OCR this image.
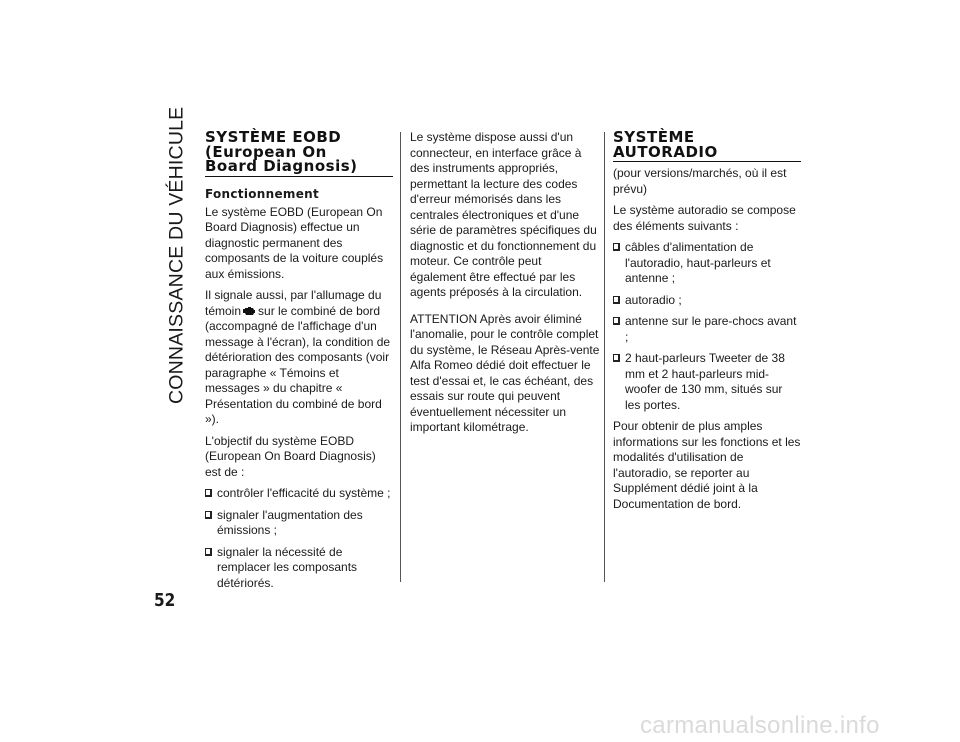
CONNAISSANCE DU VÉHICULE
52
SYSTÈME EOBD
(European On
Board Diagnosis)
Fonctionnement

Le système EOBD (European On Board Diagnosis) effectue un diagnostic permanent des composants de la voiture couplés aux émissions.

Il signale aussi, par l'allumage du témoin sur le combiné de bord (accompagné de l'affichage d'un message à l'écran), la condition de détérioration des composants (voir paragraphe « Témoins et messages » du chapitre « Présentation du combiné de bord »).

L'objectif du système EOBD (European On Board Diagnosis) est de :

contrôler l'efficacité du système ;
signaler l'augmentation des émissions ;
signaler la nécessité de remplacer les composants détériorés.

Le système dispose aussi d'un connecteur, en interface grâce à des instruments appropriés, permettant la lecture des codes d'erreur mémorisés dans les centrales électroniques et d'une série de paramètres spécifiques du diagnostic et du fonctionnement du moteur. Ce contrôle peut également être effectué par les agents préposés à la circulation.

ATTENTION Après avoir éliminé l'anomalie, pour le contrôle complet du système, le Réseau Après-vente Alfa Romeo dédié doit effectuer le test d'essai et, le cas échéant, des essais sur route qui peuvent éventuellement nécessiter un important kilométrage.

SYSTÈME
AUTORADIO

(pour versions/marchés, où il est prévu)

Le système autoradio se compose des éléments suivants :

câbles d'alimentation de l'autoradio, haut-parleurs et antenne ;
autoradio ;
antenne sur le pare-chocs avant ;
2 haut-parleurs Tweeter de 38 mm et 2 haut-parleurs mid-woofer de 130 mm, situés sur les portes.

Pour obtenir de plus amples informations sur les fonctions et les modalités d'utilisation de l'autoradio, se reporter au Supplément dédié joint à la Documentation de bord.

carmanualsonline.info
